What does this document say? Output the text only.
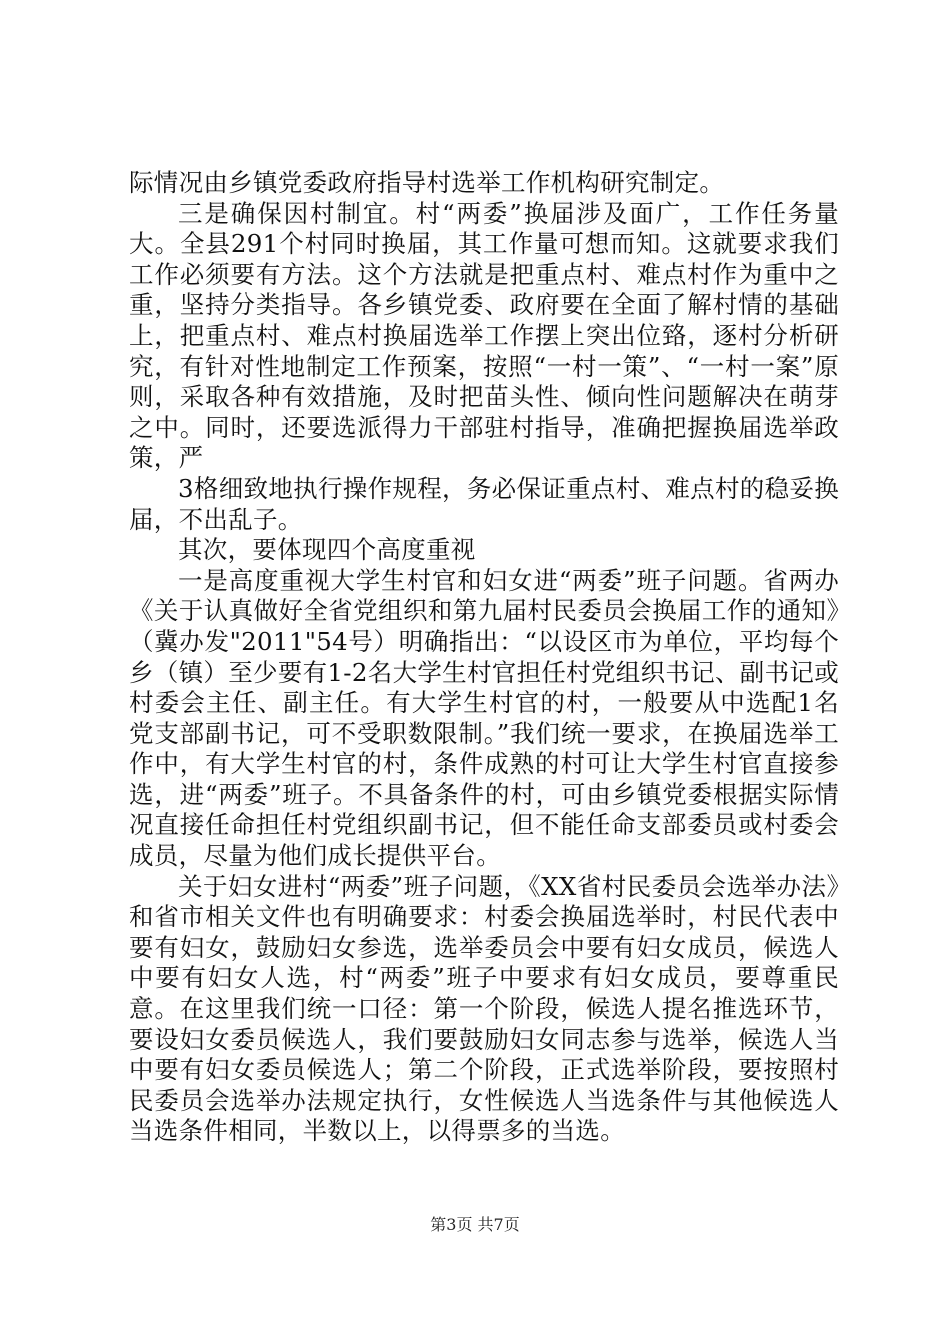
际情况由乡镇党委政府指导村选举工作机构研究制定。

三是确保因村制宜。村“两委”换届涉及面广，工作任务量大。全县291个村同时换届，其工作量可想而知。这就要求我们工作必须要有方法。这个方法就是把重点村、难点村作为重中之重，坚持分类指导。各乡镇党委、政府要在全面了解村情的基础上，把重点村、难点村换届选举工作摆上突出位臵，逐村分析研究，有针对性地制定工作预案，按照“一村一策”、“一村一案”原则，采取各种有效措施，及时把苗头性、倾向性问题解决在萌芽之中。同时，还要选派得力干部驻村指导，准确把握换届选举政策，严

3格细致地执行操作规程，务必保证重点村、难点村的稳妥换届，不出乱子。

其次，要体现四个高度重视

一是高度重视大学生村官和妇女进“两委”班子问题。省两办《关于认真做好全省党组织和第九届村民委员会换届工作的通知》（冀办发"2011"54号）明确指出：“以设区市为单位，平均每个乡（镇）至少要有1-2名大学生村官担任村党组织书记、副书记或村委会主任、副主任。有大学生村官的村，一般要从中选配1名党支部副书记，可不受职数限制。”我们统一要求，在换届选举工作中，有大学生村官的村，条件成熟的村可让大学生村官直接参选，进“两委”班子。不具备条件的村，可由乡镇党委根据实际情况直接任命担任村党组织副书记，但不能任命支部委员或村委会成员，尽量为他们成长提供平台。

关于妇女进村“两委”班子问题，《XX省村民委员会选举办法》和省市相关文件也有明确要求：村委会换届选举时，村民代表中要有妇女，鼓励妇女参选，选举委员会中要有妇女成员，候选人中要有妇女人选，村“两委”班子中要求有妇女成员，要尊重民意。在这里我们统一口径：第一个阶段，候选人提名推选环节，要设妇女委员候选人，我们要鼓励妇女同志参与选举，候选人当中要有妇女委员候选人；第二个阶段，正式选举阶段，要按照村民委员会选举办法规定执行，女性候选人当选条件与其他候选人当选条件相同，半数以上，以得票多的当选。

第3页 共7页
